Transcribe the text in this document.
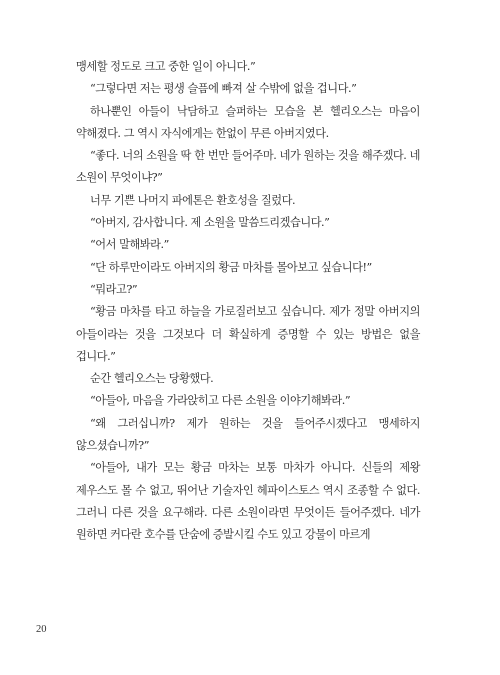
맹세할 정도로 크고 중한 일이 아니다.”

“그렇다면 저는 평생 슬픔에 빠져 살 수밖에 없을 겁니다.”

하나뿐인 아들이 낙담하고 슬퍼하는 모습을 본 헬리오스는 마음이 약해졌다. 그 역시 자식에게는 한없이 무른 아버지였다.

“좋다. 너의 소원을 딱 한 번만 들어주마. 네가 원하는 것을 해주겠다. 네 소원이 무엇이냐?”

너무 기쁜 나머지 파에톤은 환호성을 질렀다.

“아버지, 감사합니다. 제 소원을 말씀드리겠습니다.”

“어서 말해봐라.”

“단 하루만이라도 아버지의 황금 마차를 몰아보고 싶습니다!”

“뭐라고?”

“황금 마차를 타고 하늘을 가로질러보고 싶습니다. 제가 정말 아버지의 아들이라는 것을 그것보다 더 확실하게 증명할 수 있는 방법은 없을 겁니다.”

순간 헬리오스는 당황했다.

“아들아, 마음을 가라앉히고 다른 소원을 이야기해봐라.”

“왜 그러십니까? 제가 원하는 것을 들어주시겠다고 맹세하지 않으셨습니까?”

“아들아, 내가 모는 황금 마차는 보통 마차가 아니다. 신들의 제왕 제우스도 몰 수 없고, 뛰어난 기술자인 헤파이스토스 역시 조종할 수 없다. 그러니 다른 것을 요구해라. 다른 소원이라면 무엇이든 들어주겠다. 네가 원하면 커다란 호수를 단숨에 증발시킬 수도 있고 강물이 마르게

20
